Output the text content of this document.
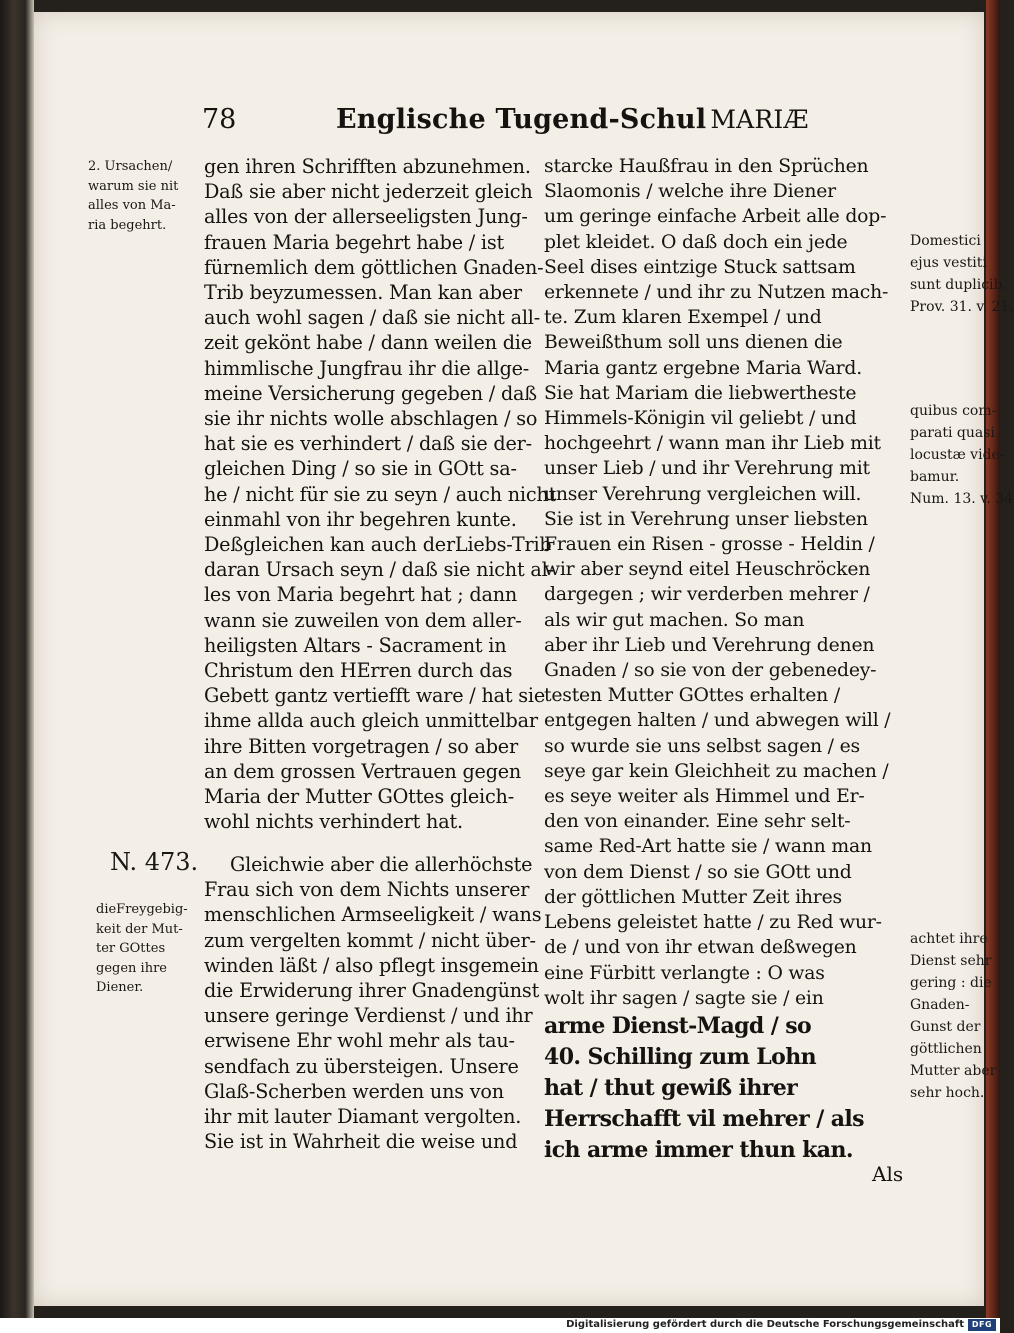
78	Englische Tugend-Schul MARIÆ
2. Ursachen/
warum sie nit
alles von Ma-
ria begehrt.
N. 473.
dieFreygebig-
keit der Mut-
ter GOttes
gegen ihre
Diener.
gen ihren Schrifften abzunehmen.
Daß sie aber nicht jederzeit gleich
alles von der allerseeligsten Jung-
frauen Maria begehrt habe / ist
fürnemlich dem göttlichen Gnaden-
Trib beyzumessen. Man kan aber
auch wohl sagen / daß sie nicht all-
zeit gekönt habe / dann weilen die
himmlische Jungfrau ihr die allge-
meine Versicherung gegeben / daß
sie ihr nichts wolle abschlagen / so
hat sie es verhindert / daß sie der-
gleichen Ding / so sie in GOtt sa-
he / nicht für sie zu seyn / auch nicht
einmahl von ihr begehren kunte.
Deßgleichen kan auch derLiebs-Trib
daran Ursach seyn / daß sie nicht al-
les von Maria begehrt hat ; dann
wann sie zuweilen von dem aller-
heiligsten Altars - Sacrament in
Christum den HErren durch das
Gebett gantz vertiefft ware / hat sie
ihme allda auch gleich unmittelbar
ihre Bitten vorgetragen / so aber
an dem grossen Vertrauen gegen
Maria der Mutter GOttes gleich-
wohl nichts verhindert hat.
Gleichwie aber die allerhöchste
Frau sich von dem Nichts unserer
menschlichen Armseeligkeit / wans
zum vergelten kommt / nicht über-
winden läßt / also pflegt insgemein
die Erwiderung ihrer Gnadengünst
unsere geringe Verdienst / und ihr
erwisene Ehr wohl mehr als tau-
sendfach zu übersteigen. Unsere
Glaß-Scherben werden uns von
ihr mit lauter Diamant vergolten.
Sie ist in Wahrheit die weise und
starcke Haußfrau in den Sprüchen
Slaomonis / welche ihre Diener
um geringe einfache Arbeit alle dop-
plet kleidet. O daß doch ein jede
Seel dises eintzige Stuck sattsam
erkennete / und ihr zu Nutzen mach-
te. Zum klaren Exempel / und
Beweißthum soll uns dienen die
Maria gantz ergebne Maria Ward.
Sie hat Mariam die liebwertheste
Himmels-Königin vil geliebt / und
hochgeehrt / wann man ihr Lieb mit
unser Lieb / und ihr Verehrung mit
unser Verehrung vergleichen will.
Sie ist in Verehrung unser liebsten
Frauen ein Risen - grosse - Heldin /
wir aber seynd eitel Heuschröcken
dargegen ; wir verderben mehrer /
als wir gut machen. So man
aber ihr Lieb und Verehrung denen
Gnaden / so sie von der gebenedey-
testen Mutter GOttes erhalten /
entgegen halten / und abwegen will /
so wurde sie uns selbst sagen / es
seye gar kein Gleichheit zu machen /
es seye weiter als Himmel und Er-
den von einander. Eine sehr selt-
same Red-Art hatte sie / wann man
von dem Dienst / so sie GOtt und
der göttlichen Mutter Zeit ihres
Lebens geleistet hatte / zu Red wur-
de / und von ihr etwan deßwegen
eine Fürbitt verlangte : O was
wolt ihr sagen / sagte sie / ein
arme Dienst-Magd / so
40. Schilling zum Lohn
hat / thut gewiß ihrer
Herrschafft vil mehrer / als
ich arme immer thun kan.
Als
Domestici
ejus vestiti
sunt duplicib.
Prov. 31. v. 21.
quibus com-
parati quasi
locustæ vide-
bamur.
Num. 13. v. 34
achtet ihre
Dienst sehr
gering : die
Gnaden-
Gunst der
göttlichen
Mutter aber
sehr hoch.
Digitalisierung gefördert durch die Deutsche Forschungsgemeinschaft DFG
